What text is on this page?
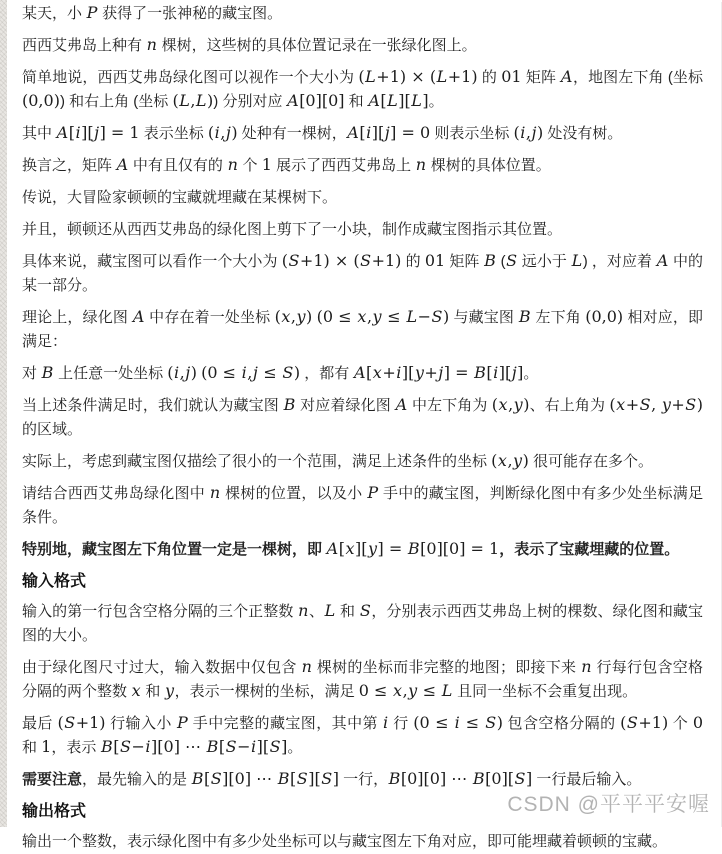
CSDN @平平平安喔

某天，小 P 获得了一张神秘的藏宝图。

西西艾弗岛上种有 n 棵树，这些树的具体位置记录在一张绿化图上。

简单地说，西西艾弗岛绿化图可以视作一个大小为 (L+1) × (L+1) 的 01 矩阵 A，地图左下角 (坐标 (0,0)) 和右上角 (坐标 (L,L)) 分别对应 A[0][0] 和 A[L][L]。

其中 A[i][j] = 1 表示坐标 (i,j) 处种有一棵树，A[i][j] = 0 则表示坐标 (i,j) 处没有树。

换言之，矩阵 A 中有且仅有的 n 个 1 展示了西西艾弗岛上 n 棵树的具体位置。

传说，大冒险家顿顿的宝藏就埋藏在某棵树下。

并且，顿顿还从西西艾弗岛的绿化图上剪下了一小块，制作成藏宝图指示其位置。

具体来说，藏宝图可以看作一个大小为 (S+1) × (S+1) 的 01 矩阵 B (S 远小于 L) ，对应着 A 中的某一部分。

理论上，绿化图 A 中存在着一处坐标 (x,y) (0 ≤ x,y ≤ L−S) 与藏宝图 B 左下角 (0,0) 相对应，即满足：

对 B 上任意一处坐标 (i,j) (0 ≤ i,j ≤ S) ，都有 A[x+i][y+j] = B[i][j]。

当上述条件满足时，我们就认为藏宝图 B 对应着绿化图 A 中左下角为 (x,y)、右上角为 (x+S, y+S) 的区域。

实际上，考虑到藏宝图仅描绘了很小的一个范围，满足上述条件的坐标 (x,y) 很可能存在多个。

请结合西西艾弗岛绿化图中 n 棵树的位置，以及小 P 手中的藏宝图，判断绿化图中有多少处坐标满足条件。

特别地，藏宝图左下角位置一定是一棵树，即 A[x][y] = B[0][0] = 1，表示了宝藏埋藏的位置。

输入格式

输入的第一行包含空格分隔的三个正整数 n、L 和 S，分别表示西西艾弗岛上树的棵数、绿化图和藏宝图的大小。

由于绿化图尺寸过大，输入数据中仅包含 n 棵树的坐标而非完整的地图；即接下来 n 行每行包含空格分隔的两个整数 x 和 y，表示一棵树的坐标，满足 0 ≤ x,y ≤ L 且同一坐标不会重复出现。

最后 (S+1) 行输入小 P 手中完整的藏宝图，其中第 i 行 (0 ≤ i ≤ S) 包含空格分隔的 (S+1) 个 0 和 1，表示 B[S−i][0] ⋯ B[S−i][S]。

需要注意，最先输入的是 B[S][0] ⋯ B[S][S] 一行，B[0][0] ⋯ B[0][S] 一行最后输入。

输出格式

输出一个整数，表示绿化图中有多少处坐标可以与藏宝图左下角对应，即可能埋藏着顿顿的宝藏。
